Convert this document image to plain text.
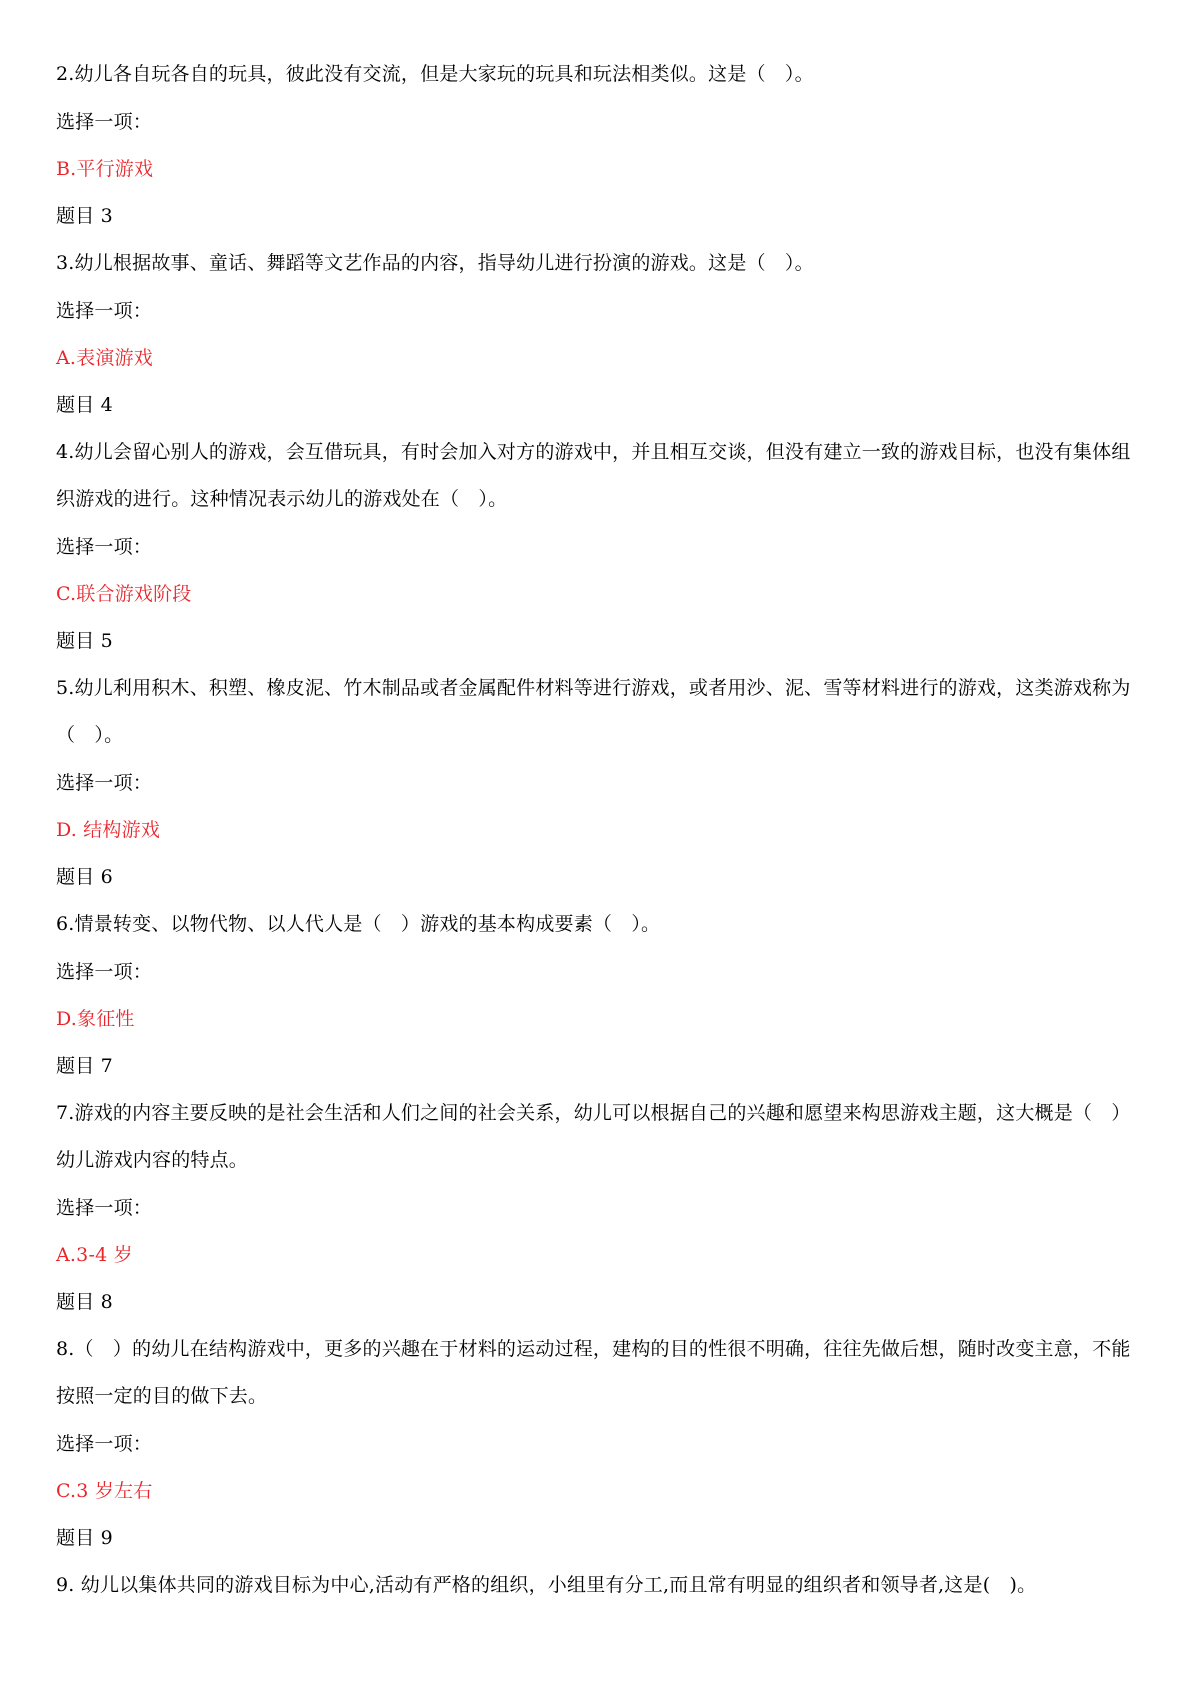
2.幼儿各自玩各自的玩具，彼此没有交流，但是大家玩的玩具和玩法相类似。这是（　）。
选择一项：
B.平行游戏
题目 3
3.幼儿根据故事、童话、舞蹈等文艺作品的内容，指导幼儿进行扮演的游戏。这是（　）。
选择一项：
A.表演游戏
题目 4
4.幼儿会留心别人的游戏，会互借玩具，有时会加入对方的游戏中，并且相互交谈，但没有建立一致的游戏目标，也没有集体组织游戏的进行。这种情况表示幼儿的游戏处在（　）。
选择一项：
C.联合游戏阶段
题目 5
5.幼儿利用积木、积塑、橡皮泥、竹木制品或者金属配件材料等进行游戏，或者用沙、泥、雪等材料进行的游戏，这类游戏称为（　）。
选择一项：
D. 结构游戏
题目 6
6.情景转变、以物代物、以人代人是（　）游戏的基本构成要素（　）。
选择一项：
D.象征性
题目 7
7.游戏的内容主要反映的是社会生活和人们之间的社会关系，幼儿可以根据自己的兴趣和愿望来构思游戏主题，这大概是（　）幼儿游戏内容的特点。
选择一项：
A.3-4 岁
题目 8
8.（　）的幼儿在结构游戏中，更多的兴趣在于材料的运动过程，建构的目的性很不明确，往往先做后想，随时改变主意，不能按照一定的目的做下去。
选择一项：
C.3 岁左右
题目 9
9. 幼儿以集体共同的游戏目标为中心,活动有严格的组织，小组里有分工,而且常有明显的组织者和领导者,这是(　)。
